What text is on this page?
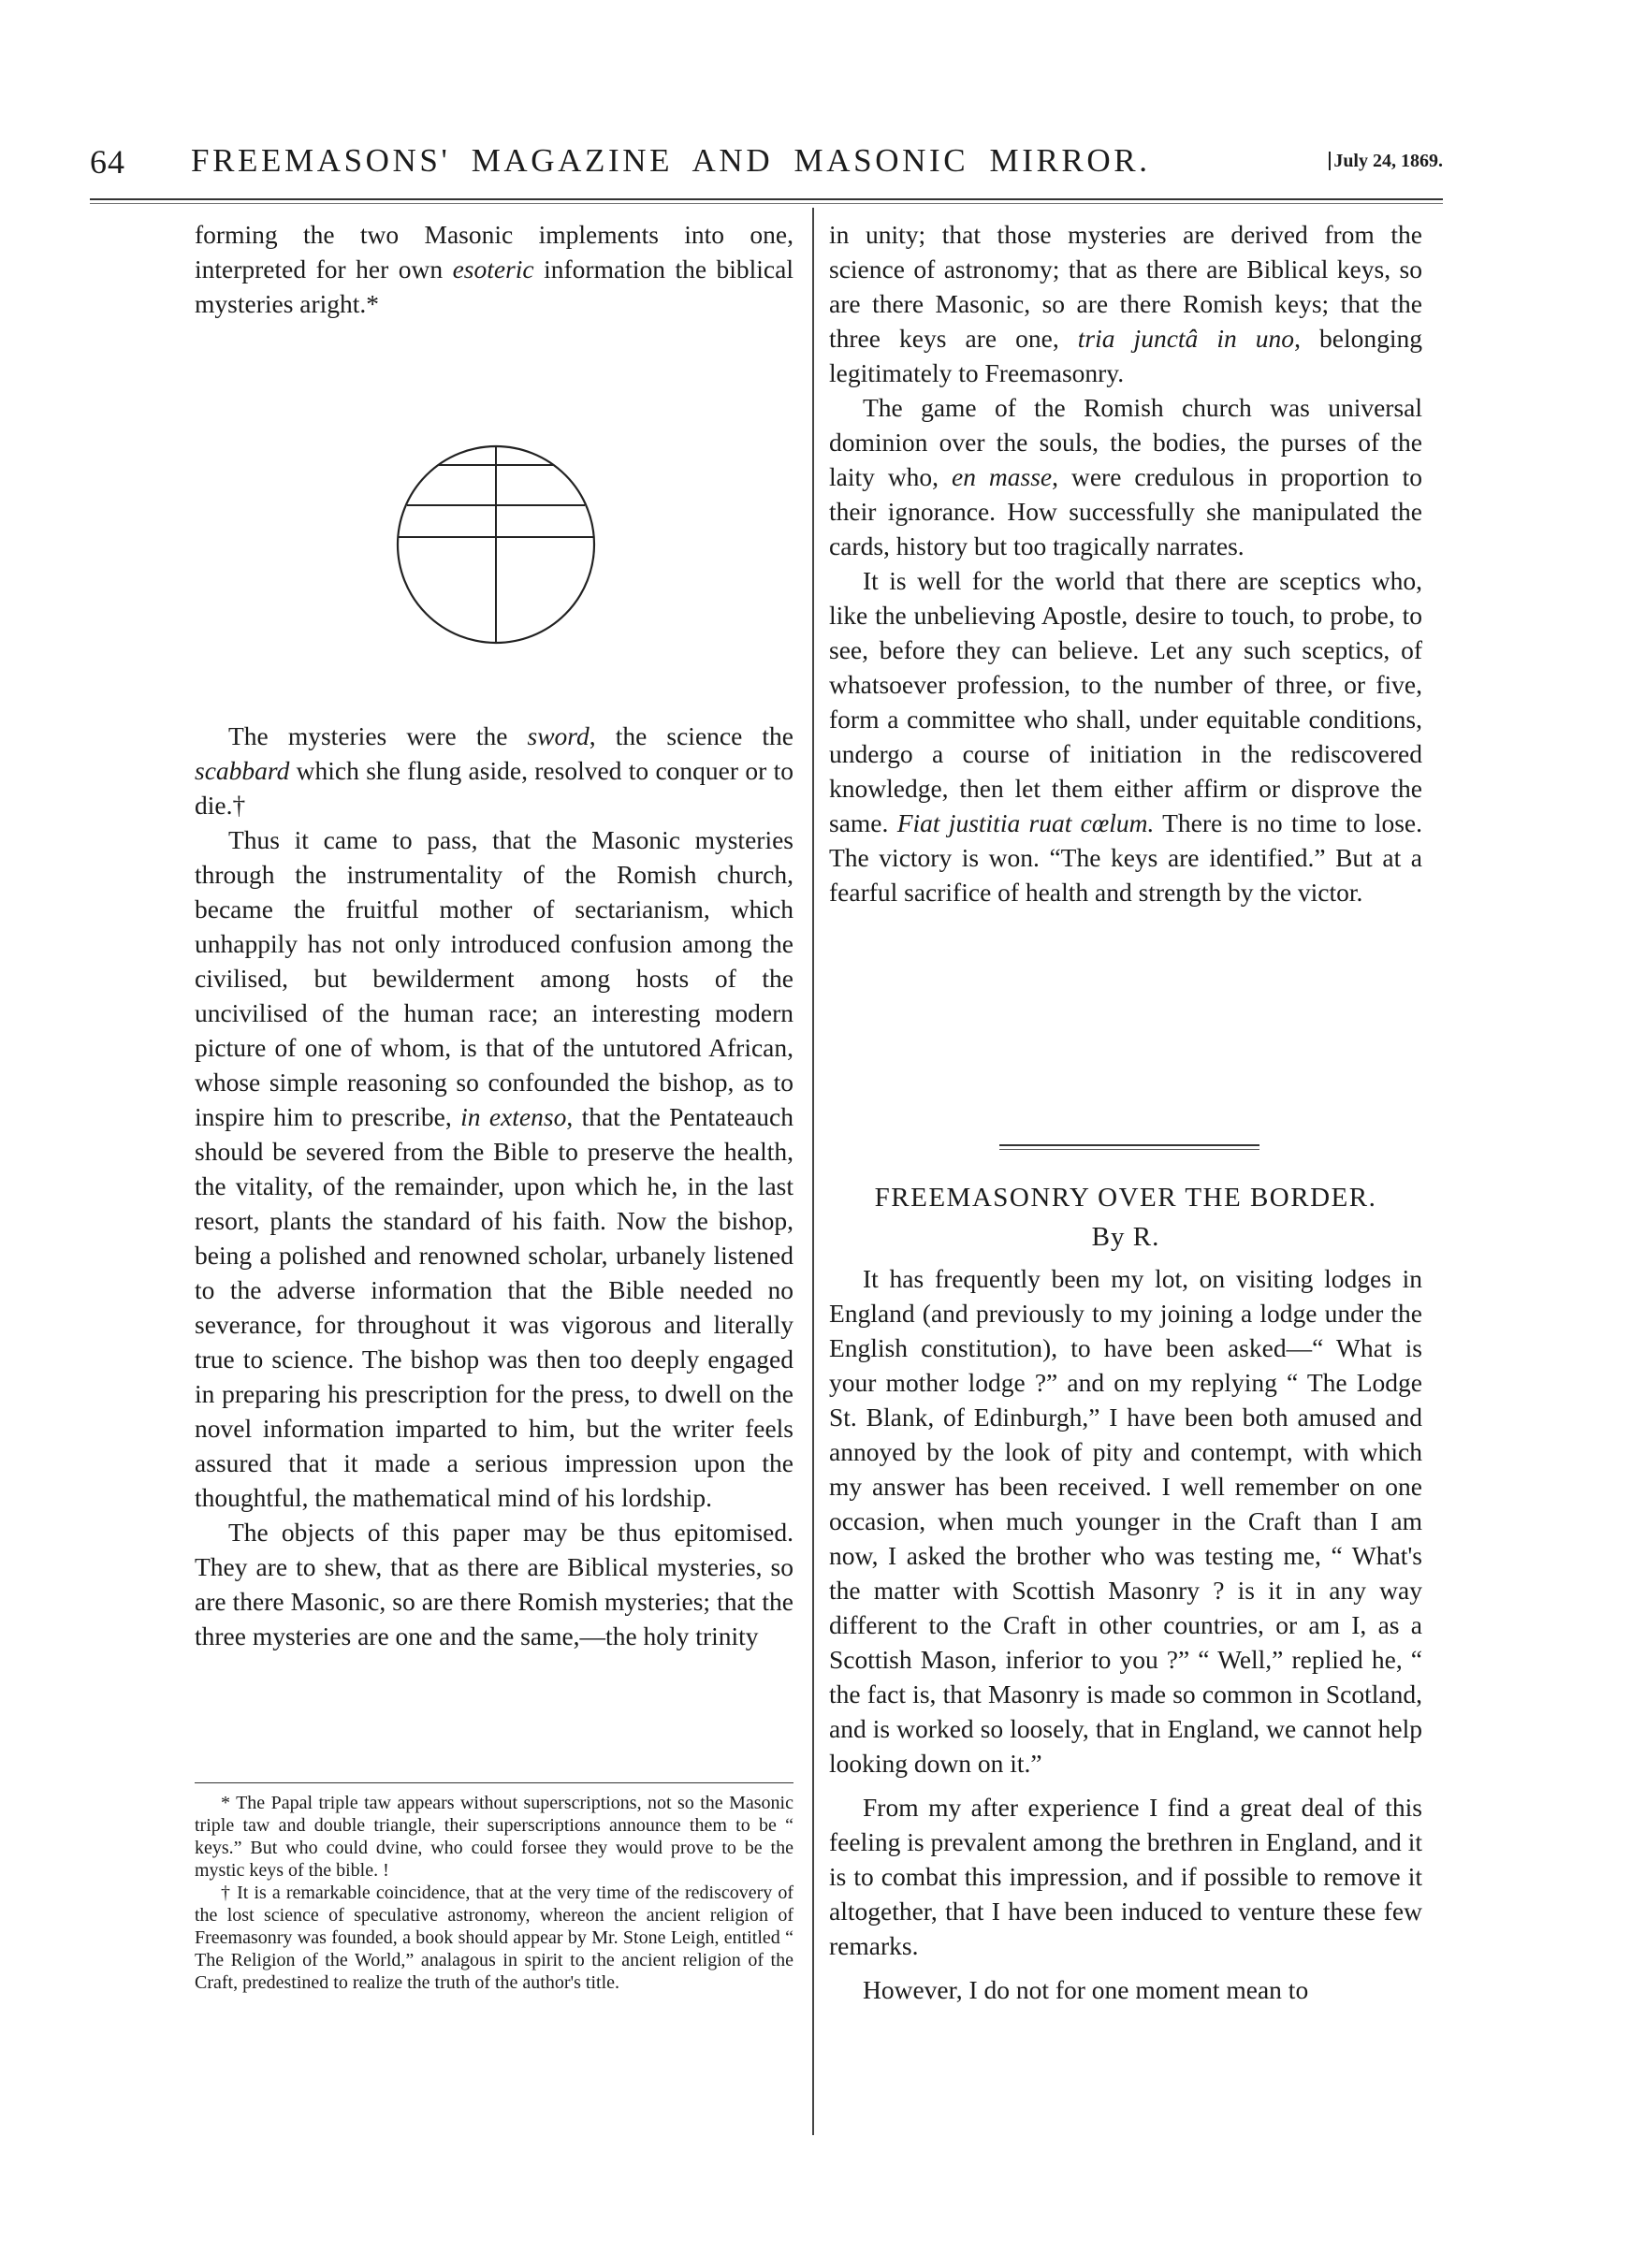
64 FREEMASONS' MAGAZINE AND MASONIC MIRROR.	July 24, 1869.

forming the two Masonic implements into one, interpreted for her own esoteric information the biblical mysteries aright.*

The mysteries were the sword, the science the scabbard which she flung aside, resolved to conquer or to die.†

Thus it came to pass, that the Masonic mysteries through the instrumentality of the Romish church, became the fruitful mother of sectarianism, which unhappily has not only introduced confusion among the civilised, but bewilderment among hosts of the uncivilised of the human race; an interesting modern picture of one of whom, is that of the untutored African, whose simple reasoning so confounded the bishop, as to inspire him to prescribe, in extenso, that the Pentateauch should be severed from the Bible to preserve the health, the vitality, of the remainder, upon which he, in the last resort, plants the standard of his faith. Now the bishop, being a polished and renowned scholar, urbanely listened to the adverse information that the Bible needed no severance, for throughout it was vigorous and literally true to science. The bishop was then too deeply engaged in preparing his prescription for the press, to dwell on the novel information imparted to him, but the writer feels assured that it made a serious impression upon the thoughtful, the mathematical mind of his lordship.

The objects of this paper may be thus epitomised. They are to shew, that as there are Biblical mysteries, so are there Masonic, so are there Romish mysteries; that the three mysteries are one and the same,—the holy trinity

* The Papal triple taw appears without superscriptions, not so the Masonic triple taw and double triangle, their superscriptions announce them to be “ keys.” But who could dvine, who could forsee they would prove to be the mystic keys of the bible. !

† It is a remarkable coincidence, that at the very time of the rediscovery of the lost science of speculative astronomy, whereon the ancient religion of Freemasonry was founded, a book should appear by Mr. Stone Leigh, entitled “ The Religion of the World,” analagous in spirit to the ancient religion of the Craft, predestined to realize the truth of the author's title.

in unity; that those mysteries are derived from the science of astronomy; that as there are Biblical keys, so are there Masonic, so are there Romish keys; that the three keys are one, tria junctâ in uno, belonging legitimately to Freemasonry.

The game of the Romish church was universal dominion over the souls, the bodies, the purses of the laity who, en masse, were credulous in proportion to their ignorance. How successfully she manipulated the cards, history but too tragically narrates.

It is well for the world that there are sceptics who, like the unbelieving Apostle, desire to touch, to probe, to see, before they can believe. Let any such sceptics, of whatsoever profession, to the number of three, or five, form a committee who shall, under equitable conditions, undergo a course of initiation in the rediscovered knowledge, then let them either affirm or disprove the same. Fiat justitia ruat cœlum. There is no time to lose. The victory is won. “The keys are identified.” But at a fearful sacrifice of health and strength by the victor.

FREEMASONRY OVER THE BORDER.
By R.

It has frequently been my lot, on visiting lodges in England (and previously to my joining a lodge under the English constitution), to have been asked—“ What is your mother lodge ?” and on my replying “ The Lodge St. Blank, of Edinburgh,” I have been both amused and annoyed by the look of pity and contempt, with which my answer has been received. I well remember on one occasion, when much younger in the Craft than I am now, I asked the brother who was testing me, “ What's the matter with Scottish Masonry ? is it in any way different to the Craft in other countries, or am I, as a Scottish Mason, inferior to you ?” “ Well,” replied he, “ the fact is, that Masonry is made so common in Scotland, and is worked so loosely, that in England, we cannot help looking down on it.”

From my after experience I find a great deal of this feeling is prevalent among the brethren in England, and it is to combat this impression, and if possible to remove it altogether, that I have been induced to venture these few remarks.

However, I do not for one moment mean to
